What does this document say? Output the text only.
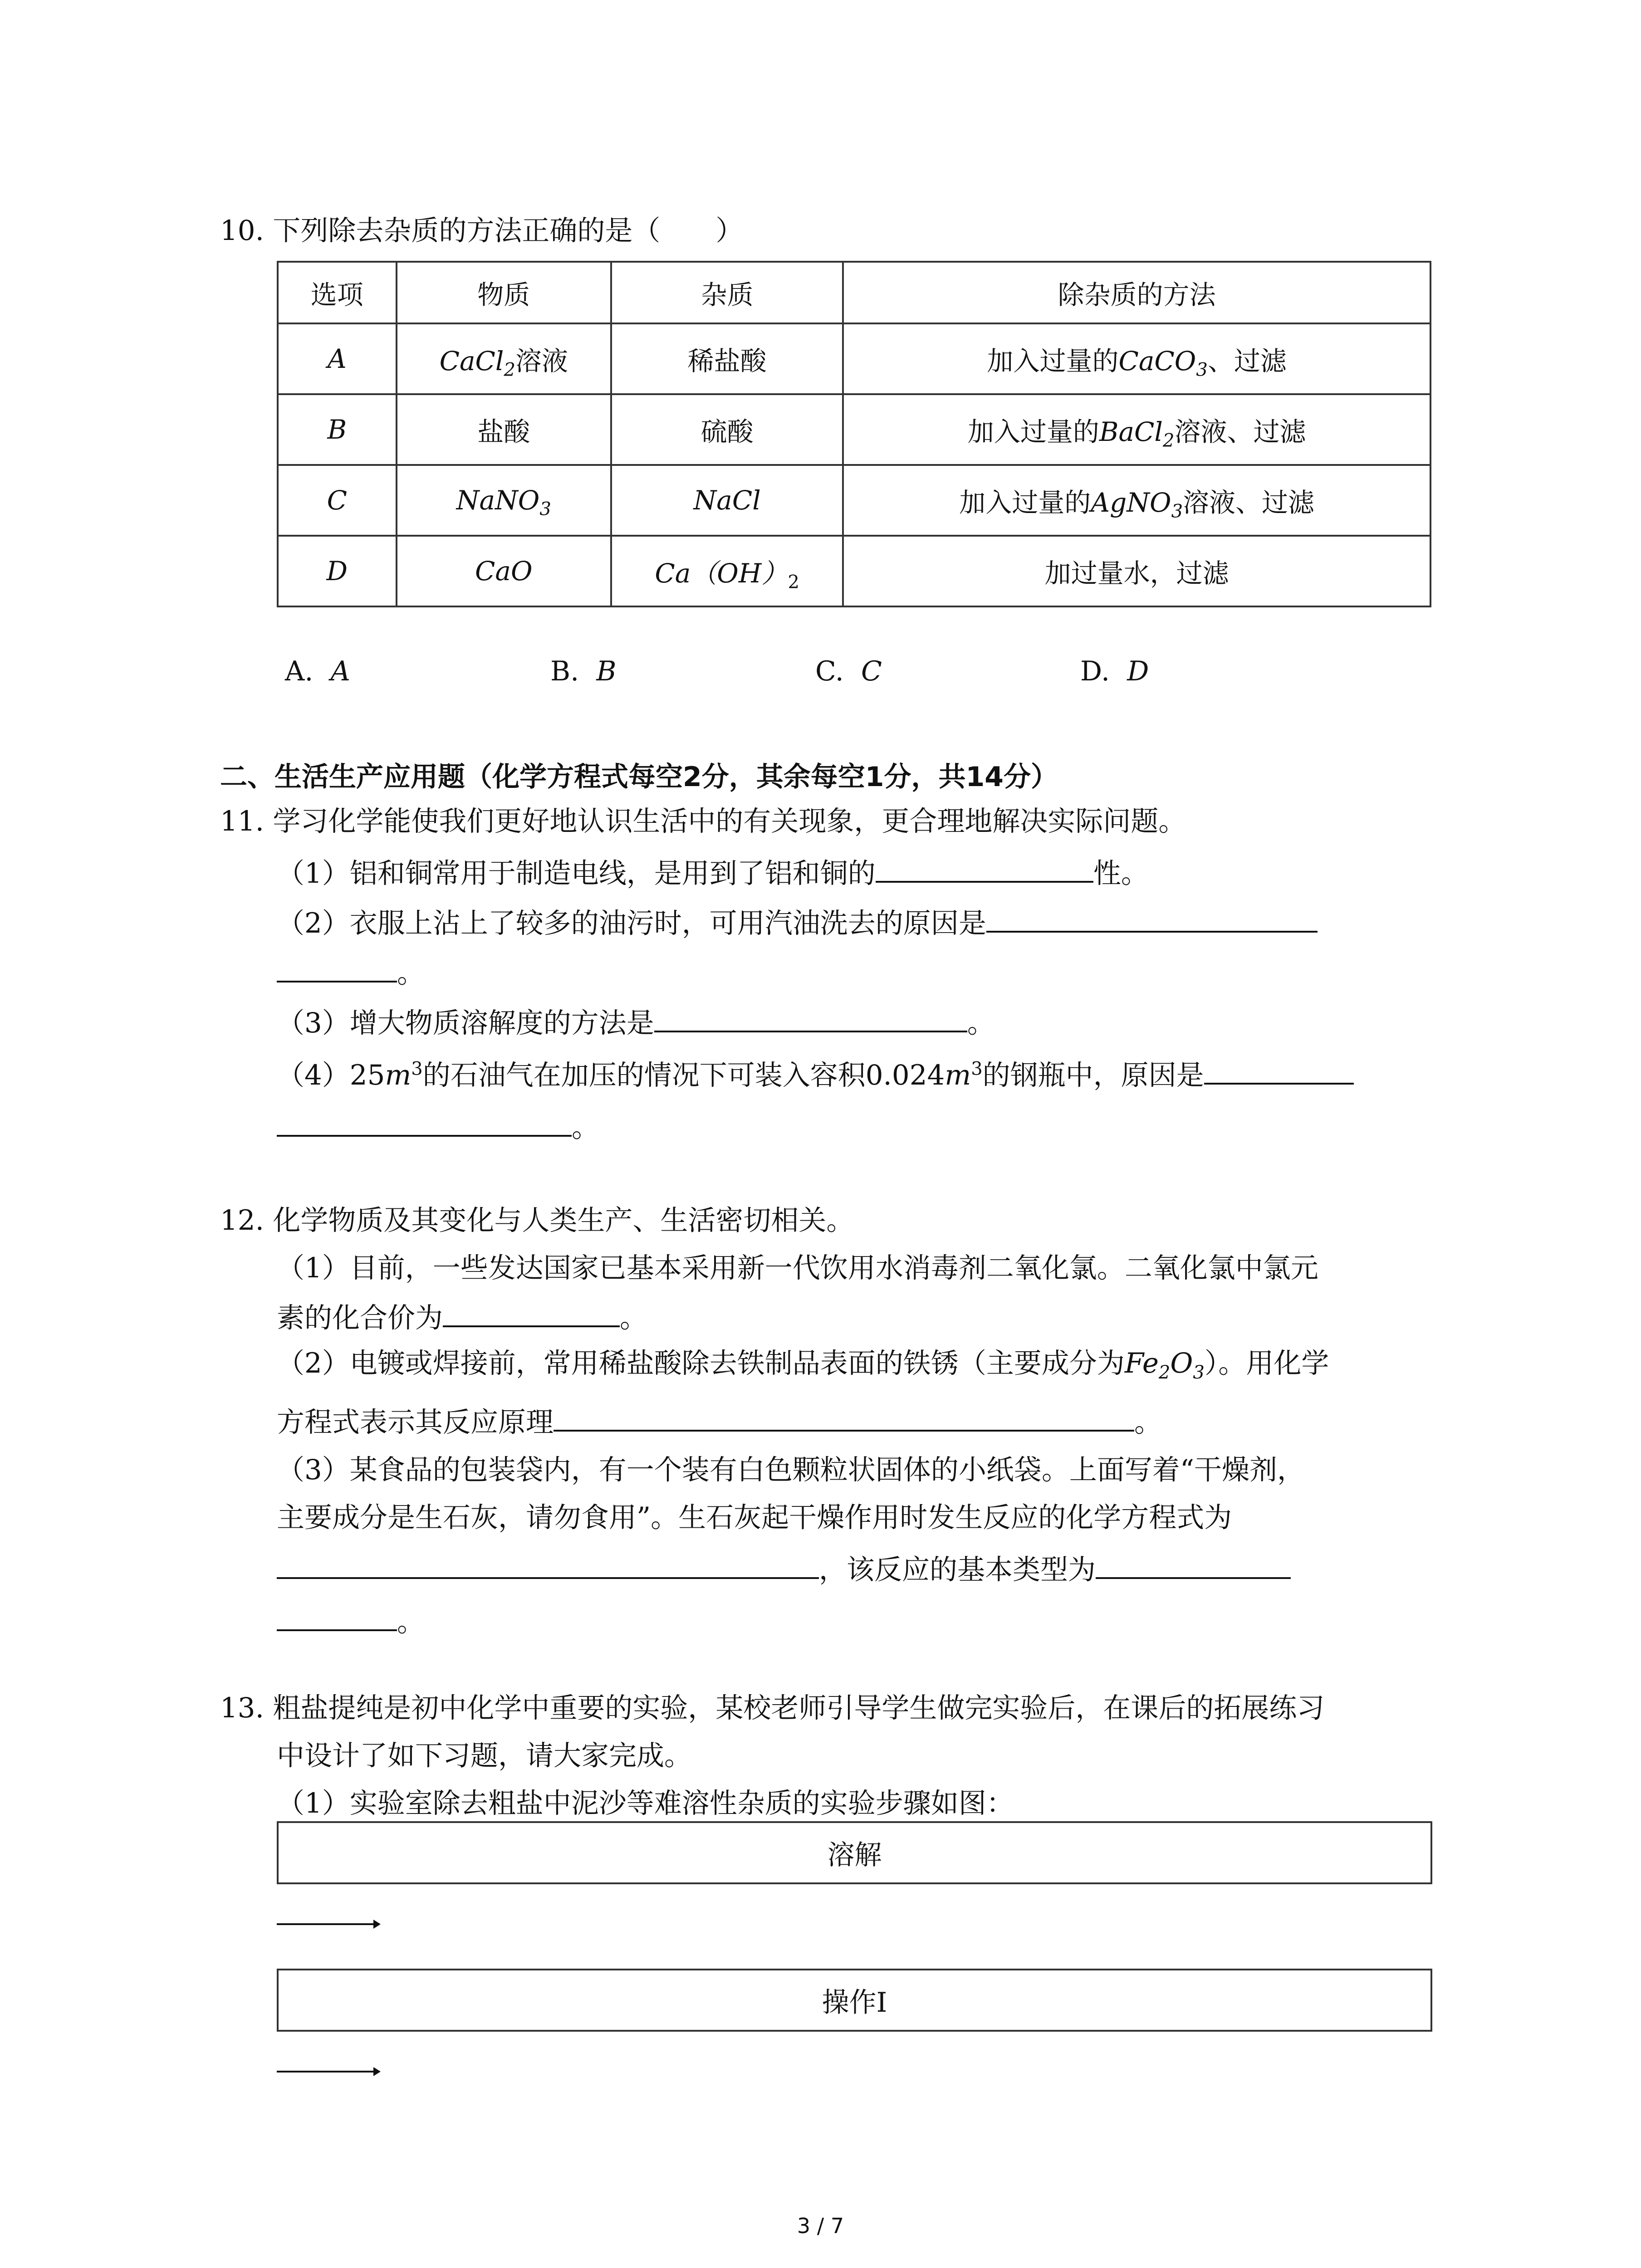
10. 下列除去杂质的方法正确的是（　　）
选项	物质	杂质	除杂质的方法
A	CaCl$_2$溶液	稀盐酸	加入过量的CaCO$_3$、过滤
B	盐酸	硫酸	加入过量的BaCl$_2$溶液、过滤
C	NaNO$_3$	NaCl	加入过量的AgNO$_3$溶液、过滤
D	CaO	$Ca(OH)_2$	加过量水，过滤
A. A	B. B	C. C	D. D
二、生活生产应用题（化学方程式每空2分，其余每空1分，共14分）
11. 学习化学能使我们更好地认识生活中的有关现象，更合理地解决实际问题。
（1）铝和铜常用于制造电线，是用到了铝和铜的	性。
（2）衣服上沾上了较多的油污时，可用汽油洗去的原因是
。
（3）增大物质溶解度的方法是	。
$(4)25m^3$的石油气在加压的情况下可装入容积$0.024m^3$的钢瓶中，原因是
。
12. 化学物质及其变化与人类生产、生活密切相关。
（1）目前，一些发达国家已基本采用新一代饮用水消毒剂二氧化氯。二氧化氯中氯元
素的化合价为	。
（2）电镀或焊接前，常用稀盐酸除去铁制品表面的铁锈（主要成分为$Fe_2O_3$）。用化学
方程式表示其反应原理	。
（3）某食品的包装袋内，有一个装有白色颗粒状固体的小纸袋。上面写着“干燥剂，
主要成分是生石灰，请勿食用”。生石灰起干燥作用时发生反应的化学方程式为
，该反应的基本类型为
。
13. 粗盐提纯是初中化学中重要的实验，某校老师引导学生做完实验后，在课后的拓展练习
中设计了如下习题，请大家完成。
（1）实验室除去粗盐中泥沙等难溶性杂质的实验步骤如图：
溶解
操作Ⅰ
3 / 7
